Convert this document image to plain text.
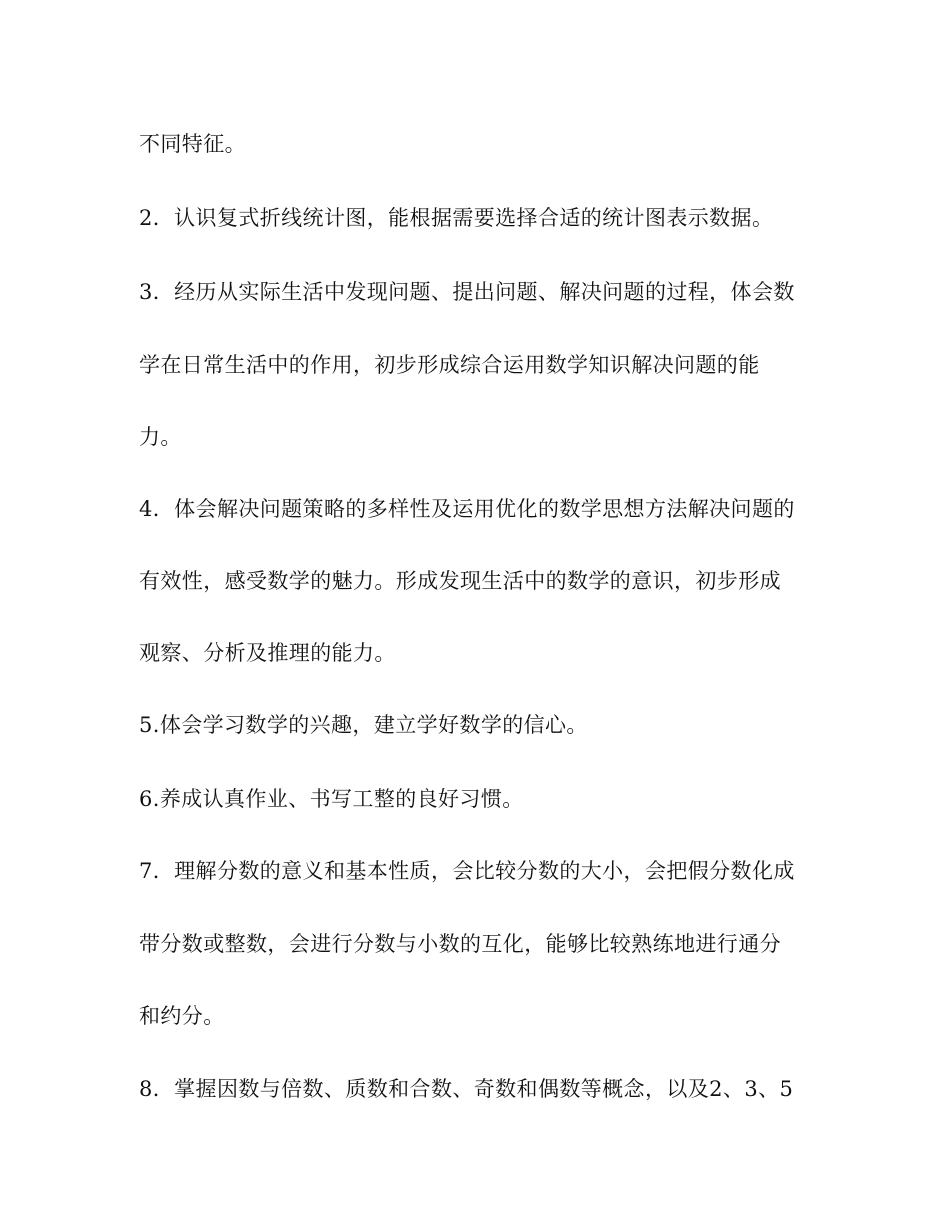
不同特征。
2．认识复式折线统计图，能根据需要选择合适的统计图表示数据。
3．经历从实际生活中发现问题、提出问题、解决问题的过程，体会数
学在日常生活中的作用，初步形成综合运用数学知识解决问题的能
力。
4．体会解决问题策略的多样性及运用优化的数学思想方法解决问题的
有效性，感受数学的魅力。形成发现生活中的数学的意识，初步形成
观察、分析及推理的能力。
5.体会学习数学的兴趣，建立学好数学的信心。
6.养成认真作业、书写工整的良好习惯。
7．理解分数的意义和基本性质，会比较分数的大小，会把假分数化成
带分数或整数，会进行分数与小数的互化，能够比较熟练地进行通分
和约分。
8．掌握因数与倍数、质数和合数、奇数和偶数等概念，以及2、3、5
